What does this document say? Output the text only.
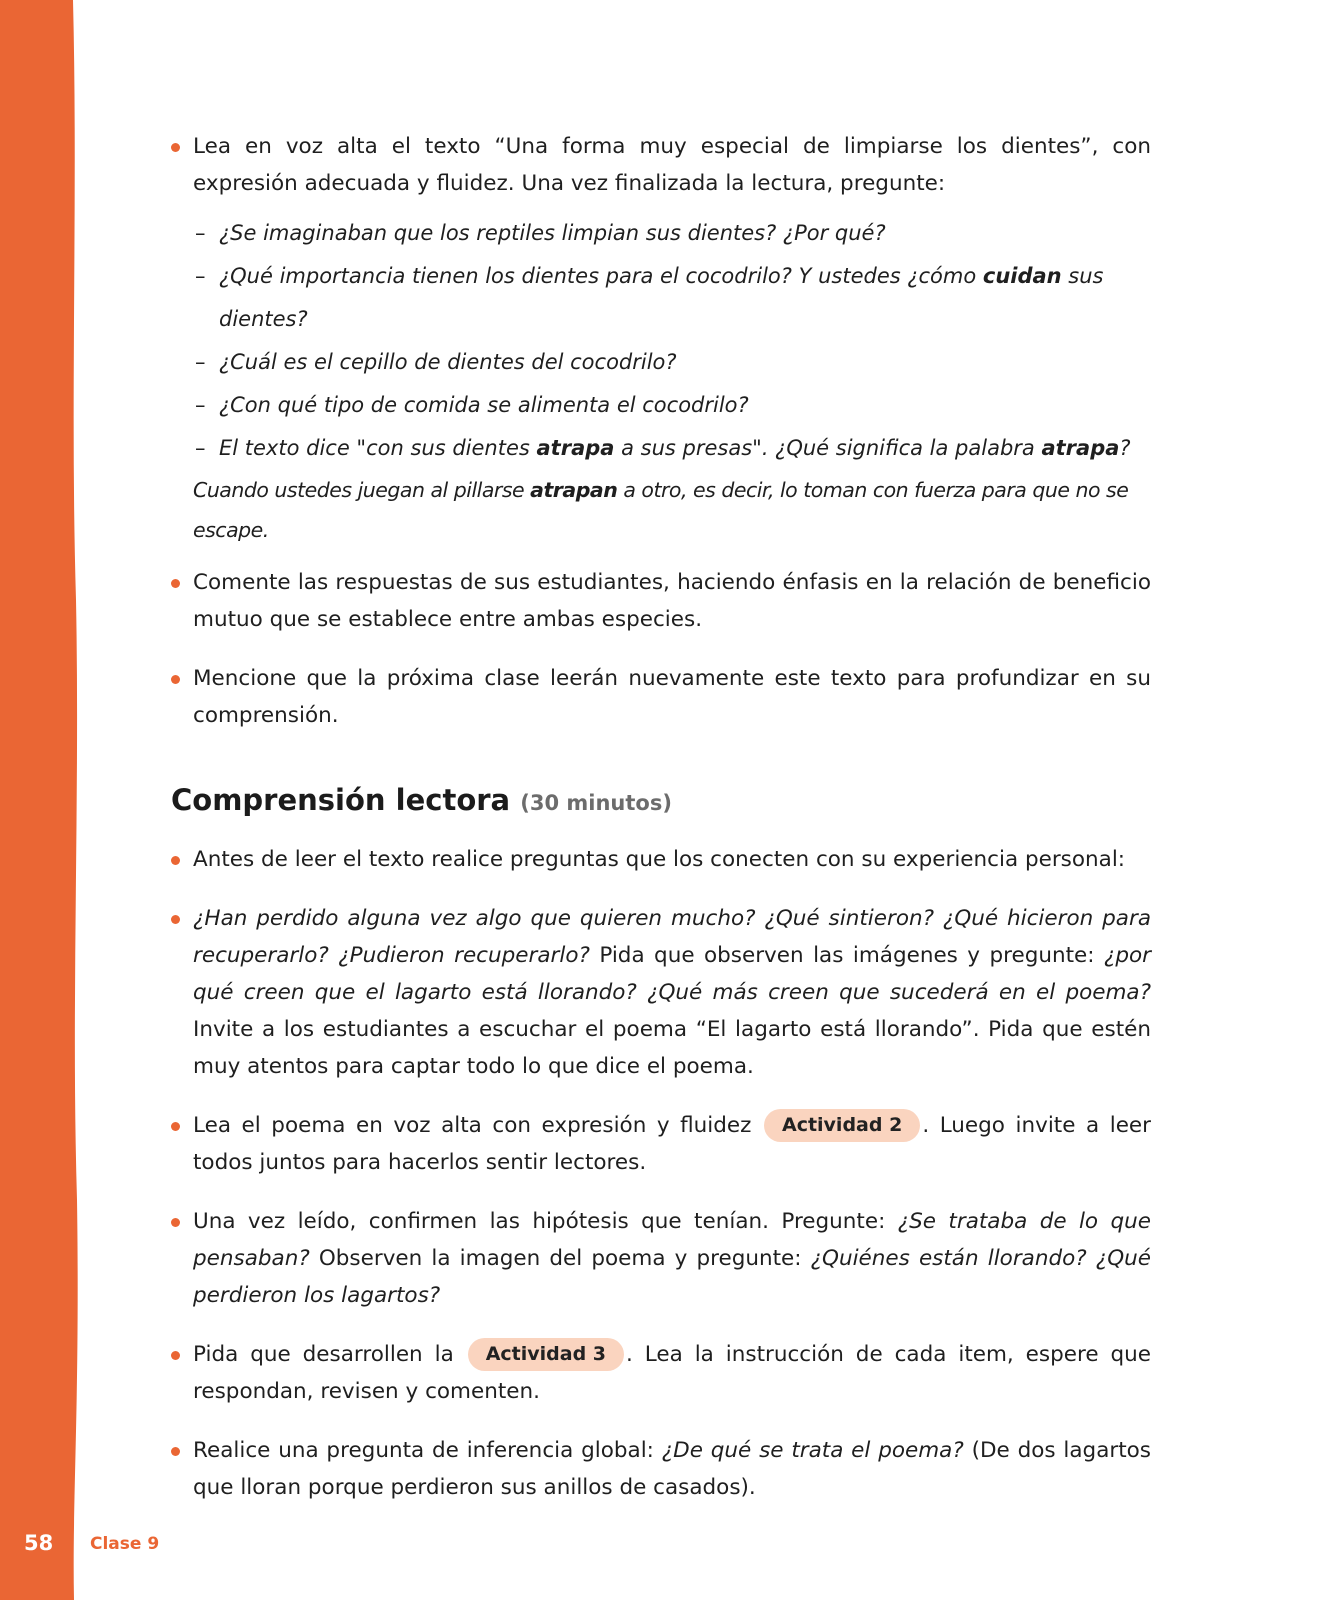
Lea en voz alta el texto “Una forma muy especial de limpiarse los dientes”, con expresión adecuada y fluidez. Una vez finalizada la lectura, pregunte:

– ¿Se imaginaban que los reptiles limpian sus dientes? ¿Por qué?
– ¿Qué importancia tienen los dientes para el cocodrilo? Y ustedes ¿cómo cuidan sus dientes?
– ¿Cuál es el cepillo de dientes del cocodrilo?
– ¿Con qué tipo de comida se alimenta el cocodrilo?
– El texto dice "con sus dientes atrapa a sus presas". ¿Qué significa la palabra atrapa?

Cuando ustedes juegan al pillarse atrapan a otro, es decir, lo toman con fuerza para que no se escape.

Comente las respuestas de sus estudiantes, haciendo énfasis en la relación de beneficio mutuo que se establece entre ambas especies.

Mencione que la próxima clase leerán nuevamente este texto para profundizar en su comprensión.

Comprensión lectora (30 minutos)

Antes de leer el texto realice preguntas que los conecten con su experiencia personal:

¿Han perdido alguna vez algo que quieren mucho? ¿Qué sintieron? ¿Qué hicieron para recuperarlo? ¿Pudieron recuperarlo? Pida que observen las imágenes y pregunte: ¿por qué creen que el lagarto está llorando? ¿Qué más creen que sucederá en el poema? Invite a los estudiantes a escuchar el poema “El lagarto está llorando”. Pida que estén muy atentos para captar todo lo que dice el poema.

Lea el poema en voz alta con expresión y fluidez Actividad 2 . Luego invite a leer todos juntos para hacerlos sentir lectores.

Una vez leído, confirmen las hipótesis que tenían. Pregunte: ¿Se trataba de lo que pensaban? Observen la imagen del poema y pregunte: ¿Quiénes están llorando? ¿Qué perdieron los lagartos?

Pida que desarrollen la Actividad 3 . Lea la instrucción de cada item, espere que respondan, revisen y comenten.

Realice una pregunta de inferencia global: ¿De qué se trata el poema? (De dos lagartos que lloran porque perdieron sus anillos de casados).

58 Clase 9
